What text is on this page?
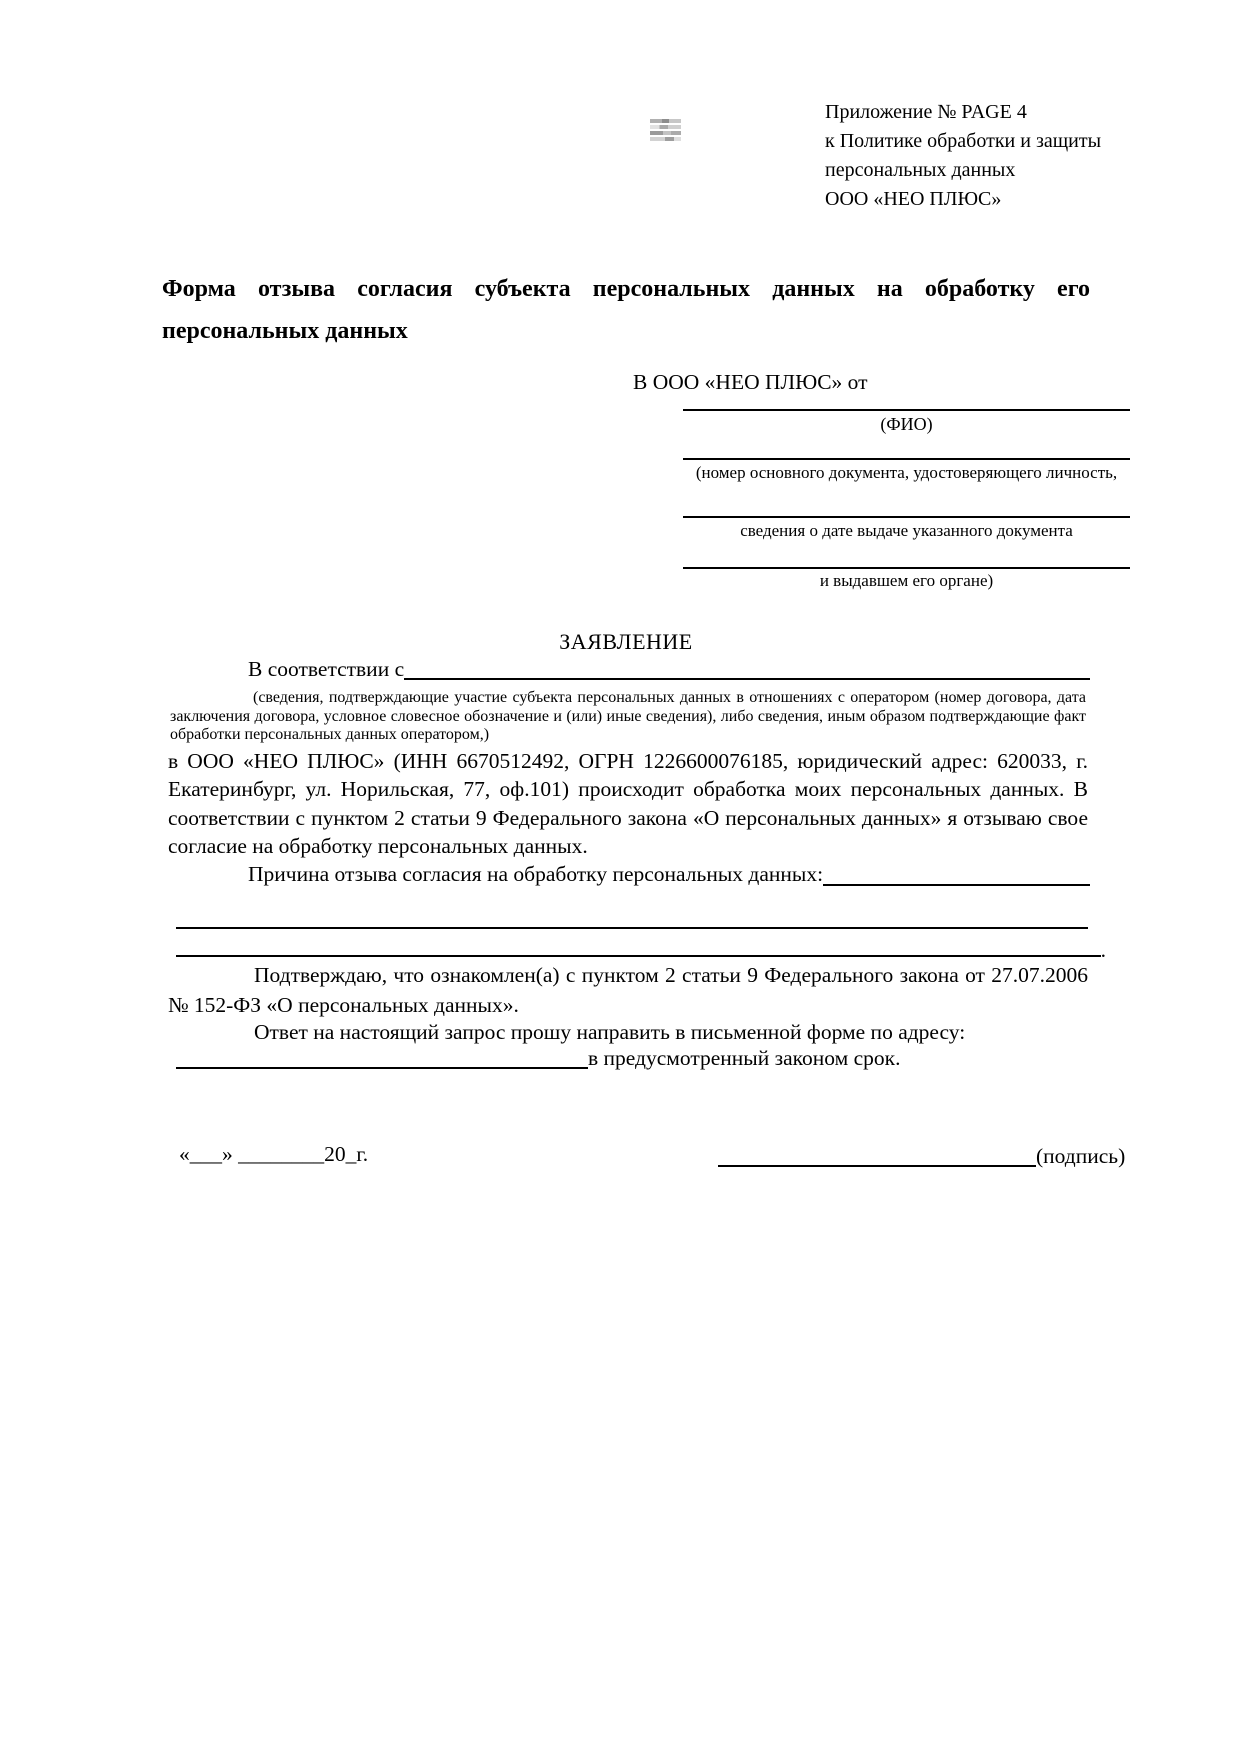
Приложение № PAGE 4
к Политике обработки и защиты
персональных данных
ООО «НЕО ПЛЮС»
Форма отзыва согласия субъекта персональных данных на обработку его персональных данных
В ООО «НЕО ПЛЮС» от
(ФИО)
(номер основного документа, удостоверяющего личность,
сведения о дате выдаче указанного документа
и выдавшем его органе)
ЗАЯВЛЕНИЕ
В соответствии с
(сведения, подтверждающие участие субъекта персональных данных в отношениях с оператором (номер договора, дата заключения договора, условное словесное обозначение и (или) иные сведения), либо сведения, иным образом подтверждающие факт обработки персональных данных оператором,)
в ООО «НЕО ПЛЮС» (ИНН 6670512492, ОГРН 1226600076185, юридический адрес: 620033, г. Екатеринбург, ул. Норильская, 77, оф.101) происходит обработка моих персональных данных. В соответствии с пунктом 2 статьи 9 Федерального закона «О персональных данных» я отзываю свое согласие на обработку персональных данных.
Причина отзыва согласия на обработку персональных данных:
.
Подтверждаю, что ознакомлен(а) с пунктом 2 статьи 9 Федерального закона от 27.07.2006 № 152-ФЗ «О персональных данных».
Ответ на настоящий запрос прошу направить в письменной форме по адресу:
в предусмотренный законом срок.
«___» ________20_г.	(подпись)
